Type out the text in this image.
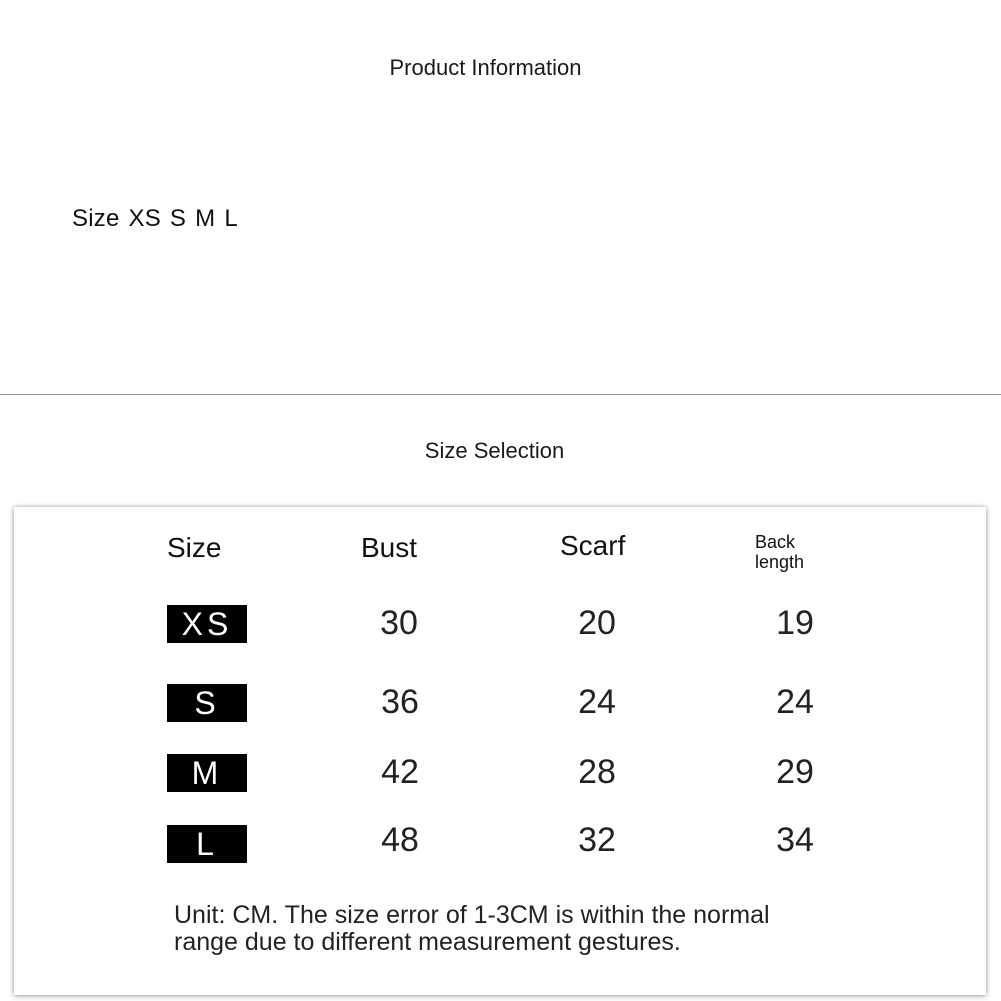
Product Information
Size XS S M L
Size Selection
Size	Bust	Scarf	Back
length
XS	30	20	19
S	36	24	24
M	42	28	29
L	48	32	34
Unit: CM. The size error of 1-3CM is within the normal range due to different measurement gestures.
